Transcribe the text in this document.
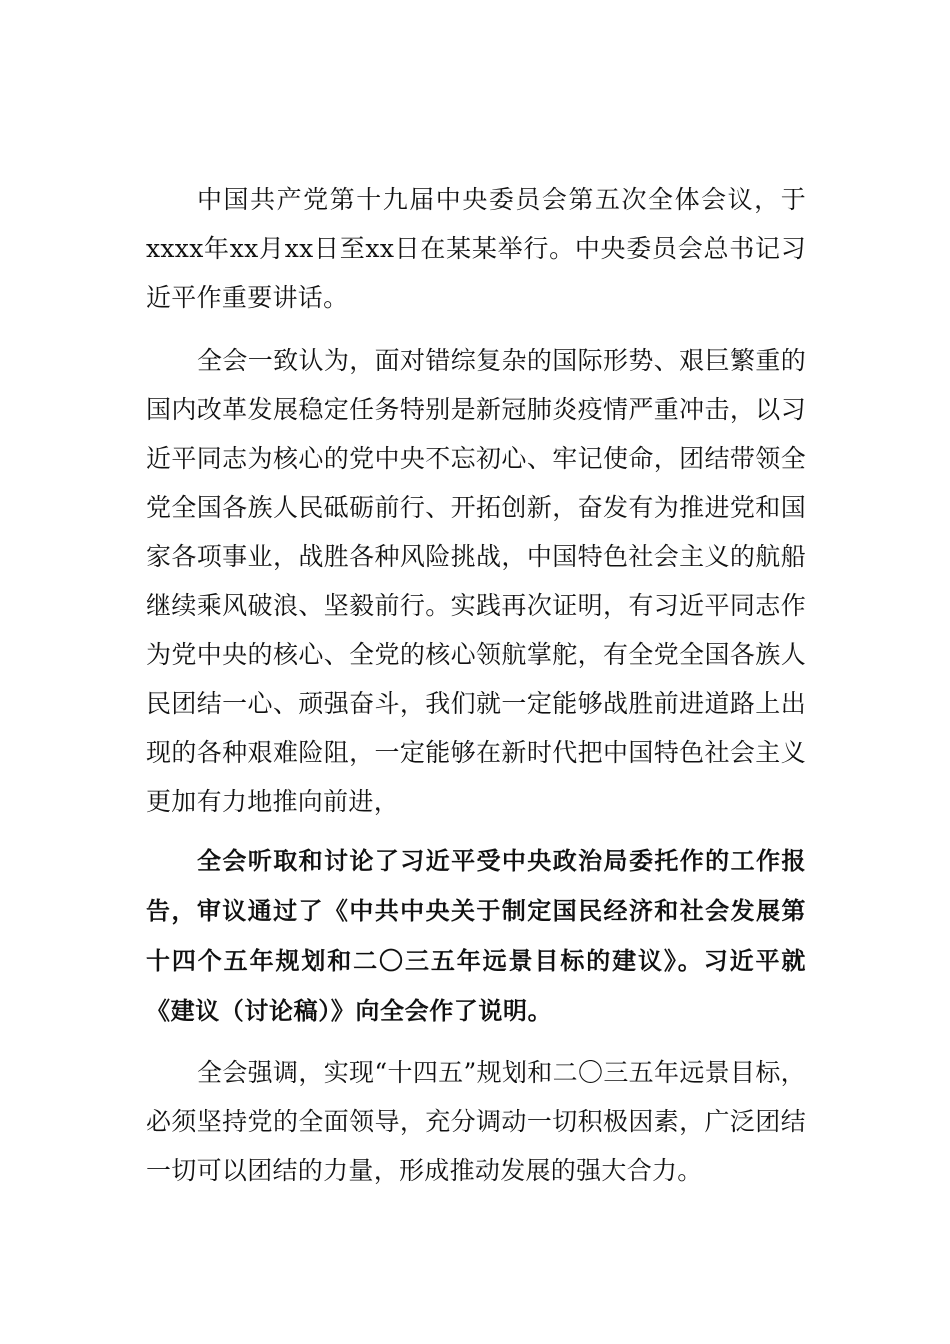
中国共产党第十九届中央委员会第五次全体会议，于xxxx年xx月xx日至xx日在某某举行。中央委员会总书记习近平作重要讲话。

全会一致认为，面对错综复杂的国际形势、艰巨繁重的国内改革发展稳定任务特别是新冠肺炎疫情严重冲击，以习近平同志为核心的党中央不忘初心、牢记使命，团结带领全党全国各族人民砥砺前行、开拓创新，奋发有为推进党和国家各项事业，战胜各种风险挑战，中国特色社会主义的航船继续乘风破浪、坚毅前行。实践再次证明，有习近平同志作为党中央的核心、全党的核心领航掌舵，有全党全国各族人民团结一心、顽强奋斗，我们就一定能够战胜前进道路上出现的各种艰难险阻，一定能够在新时代把中国特色社会主义更加有力地推向前进，

全会听取和讨论了习近平受中央政治局委托作的工作报告，审议通过了《中共中央关于制定国民经济和社会发展第十四个五年规划和二〇三五年远景目标的建议》。习近平就《建议（讨论稿）》向全会作了说明。

全会强调，实现“十四五”规划和二〇三五年远景目标，必须坚持党的全面领导，充分调动一切积极因素，广泛团结一切可以团结的力量，形成推动发展的强大合力。
